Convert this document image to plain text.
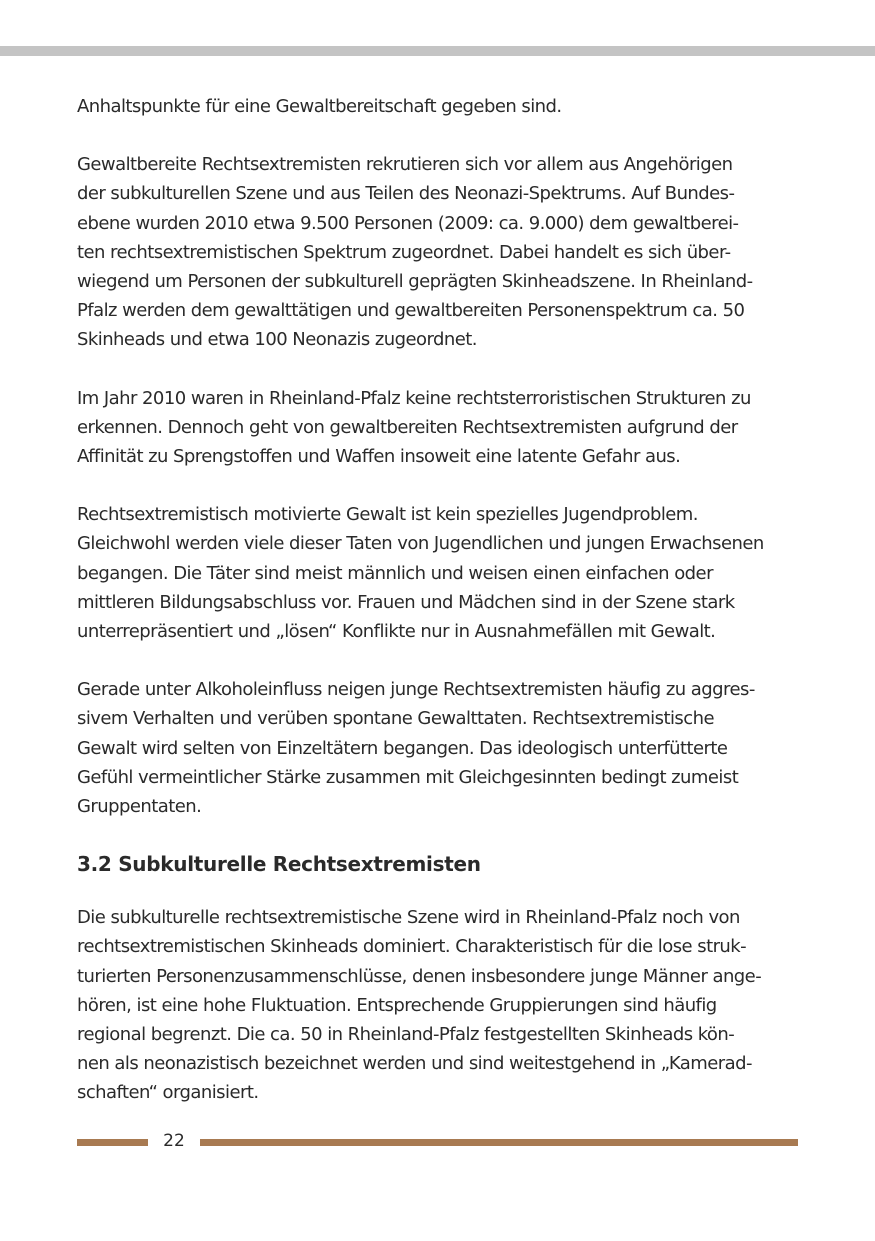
Anhaltspunkte für eine Gewaltbereitschaft gegeben sind.

Gewaltbereite Rechtsextremisten rekrutieren sich vor allem aus Angehörigen
der subkulturellen Szene und aus Teilen des Neonazi-Spektrums. Auf Bundes-
ebene wurden 2010 etwa 9.500 Personen (2009: ca. 9.000) dem gewaltberei-
ten rechtsextremistischen Spektrum zugeordnet. Dabei handelt es sich über-
wiegend um Personen der subkulturell geprägten Skinheadszene. In Rheinland-
Pfalz werden dem gewalttätigen und gewaltbereiten Personenspektrum ca. 50
Skinheads und etwa 100 Neonazis zugeordnet.

Im Jahr 2010 waren in Rheinland-Pfalz keine rechtsterroristischen Strukturen zu
erkennen. Dennoch geht von gewaltbereiten Rechtsextremisten aufgrund der
Affinität zu Sprengstoffen und Waffen insoweit eine latente Gefahr aus.

Rechtsextremistisch motivierte Gewalt ist kein spezielles Jugendproblem.
Gleichwohl werden viele dieser Taten von Jugendlichen und jungen Erwachsenen
begangen. Die Täter sind meist männlich und weisen einen einfachen oder
mittleren Bildungsabschluss vor. Frauen und Mädchen sind in der Szene stark
unterrepräsentiert und „lösen“ Konflikte nur in Ausnahmefällen mit Gewalt.

Gerade unter Alkoholeinfluss neigen junge Rechtsextremisten häufig zu aggres-
sivem Verhalten und verüben spontane Gewalttaten. Rechtsextremistische
Gewalt wird selten von Einzeltätern begangen. Das ideologisch unterfütterte
Gefühl vermeintlicher Stärke zusammen mit Gleichgesinnten bedingt zumeist
Gruppentaten.

3.2 Subkulturelle Rechtsextremisten

Die subkulturelle rechtsextremistische Szene wird in Rheinland-Pfalz noch von
rechtsextremistischen Skinheads dominiert. Charakteristisch für die lose struk-
turierten Personenzusammenschlüsse, denen insbesondere junge Männer ange-
hören, ist eine hohe Fluktuation. Entsprechende Gruppierungen sind häufig
regional begrenzt. Die ca. 50 in Rheinland-Pfalz festgestellten Skinheads kön-
nen als neonazistisch bezeichnet werden und sind weitestgehend in „Kamerad-
schaften“ organisiert.

22
